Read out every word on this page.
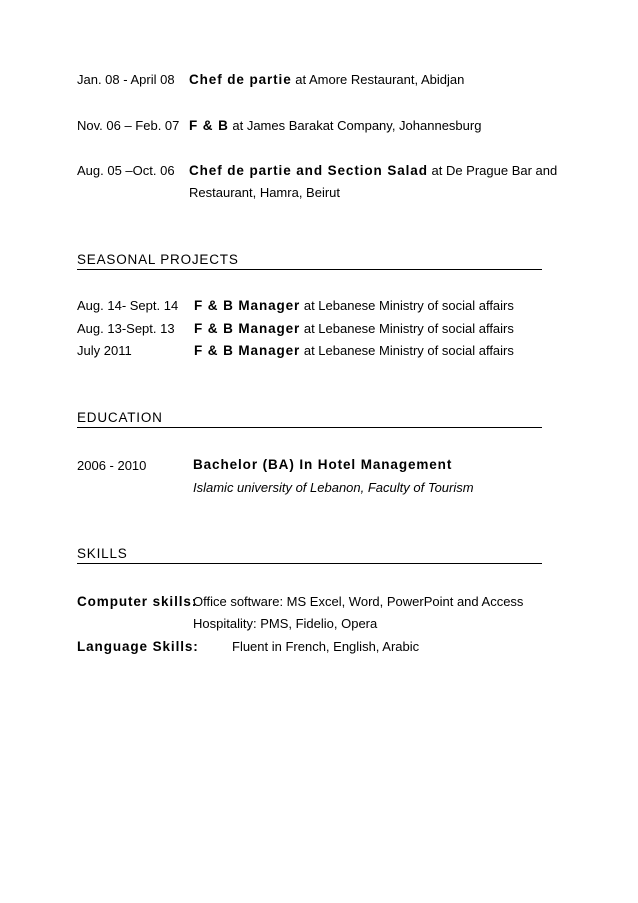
Jan. 08 - April 08 Chef de partie at Amore Restaurant, Abidjan
Nov. 06 – Feb. 07 F & B at James Barakat Company, Johannesburg
Aug. 05 –Oct. 06 Chef de partie and Section Salad at De Prague Bar and
Restaurant, Hamra, Beirut
SEASONAL PROJECTS
Aug. 14- Sept. 14 F & B Manager at Lebanese Ministry of social affairs
Aug. 13-Sept. 13 F & B Manager at Lebanese Ministry of social affairs
July 2011	F & B Manager at Lebanese Ministry of social affairs
EDUCATION
2006 - 2010	Bachelor (BA) In Hotel Management
Islamic university of Lebanon, Faculty of Tourism
SKILLS
Computer skills:
Office software: MS Excel, Word, PowerPoint and Access
Hospitality: PMS, Fidelio, Opera
Language Skills:	Fluent in French, English, Arabic
